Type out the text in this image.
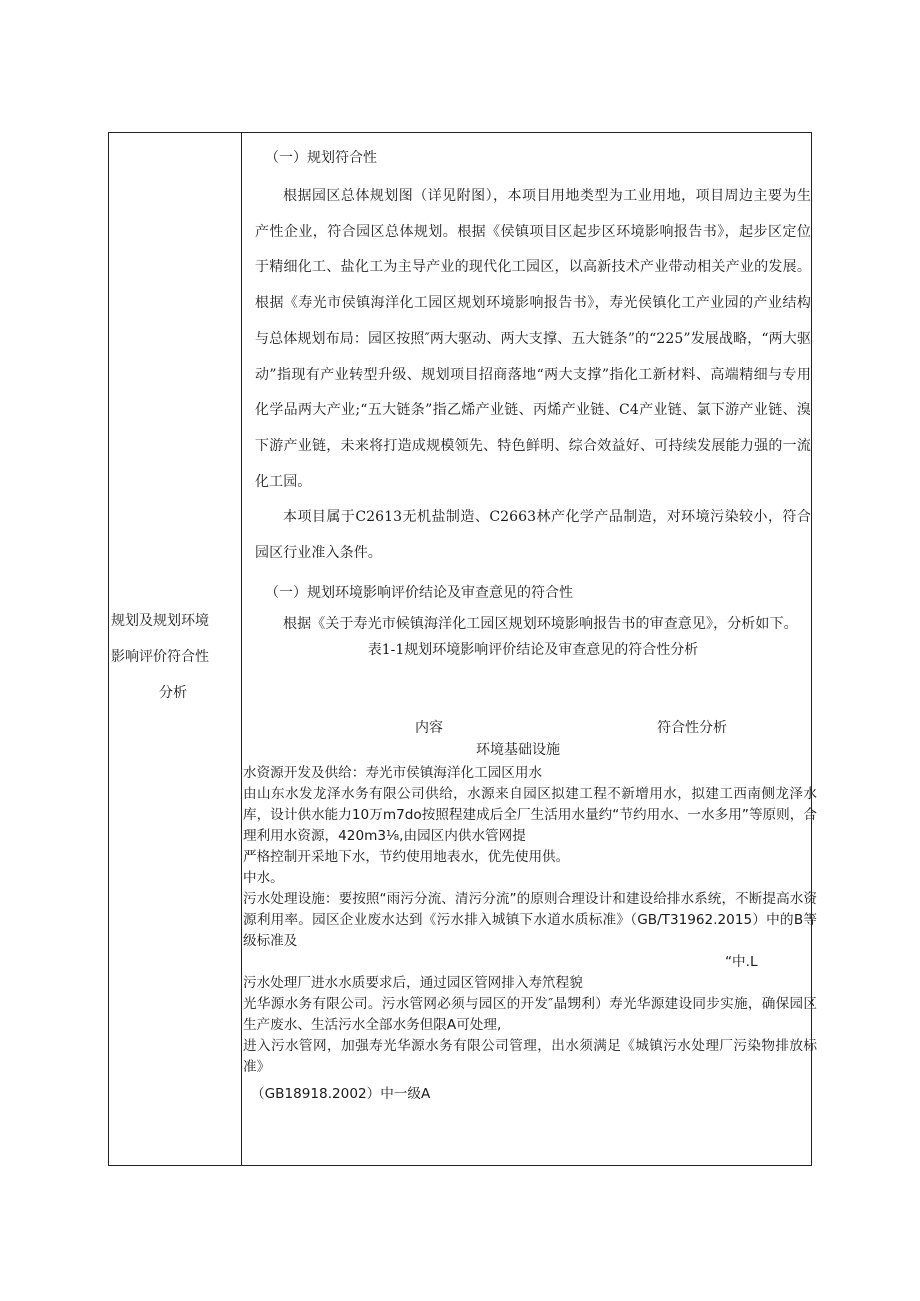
规划及规划环境
影响评价符合性
分析

（一）规划符合性

根据园区总体规划图（详见附图），本项目用地类型为工业用地，项目周边主要为生产性企业，符合园区总体规划。根据《侯镇项目区起步区环境影响报告书》，起步区定位于精细化工、盐化工为主导产业的现代化工园区，以高新技术产业带动相关产业的发展。根据《寿光市侯镇海洋化工园区规划环境影响报告书》，寿光侯镇化工产业园的产业结构与总体规划布局：园区按照″两大驱动、两大支撑、五大链条”的“225”发展战略，“两大驱动”指现有产业转型升级、规划项目招商落地“两大支撑”指化工新材料、高端精细与专用化学品两大产业;“五大链条”指乙烯产业链、丙烯产业链、C4产业链、氯下游产业链、溴下游产业链，未来将打造成规模领先、特色鲜明、综合效益好、可持续发展能力强的一流化工园。

本项目属于C2613无机盐制造、C2663林产化学产品制造，对环境污染较小，符合园区行业准入条件。

（一）规划环境影响评价结论及审查意见的符合性

根据《关于寿光市候镇海洋化工园区规划环境影响报告书的审查意见》，分析如下。

表1-1规划环境影响评价结论及审查意见的符合性分析

内容	符合性分析

环境基础设施

水资源开发及供给：寿光市侯镇海洋化工园区用水
由山东水发龙泽水务有限公司供给，水源来自园区拟建工程不新增用水，拟建工西南侧龙泽水库，设计供水能力10万m7do按照程建成后全厂生活用水量约“节约用水、一水多用”等原则，合理利用水资源，420m3⅛,由园区内供水管网提
严格控制开采地下水，节约使用地表水，优先使用供。
中水。
污水处理设施：要按照“雨污分流、清污分流”的原则合理设计和建设给排水系统，不断提高水资源利用率。园区企业废水达到《污水排入城镇下水道水质标准》（GB/T31962.2015）中的B等级标准及
“中.L
污水处理厂进水水质要求后，通过园区管网排入寿笊程貌
光华源水务有限公司。污水管网必须与园区的开发″晶甥利）寿光华源建设同步实施，确保园区生产废水、生活污水全部水务但限A可处理,
进入污水管网，加强寿光华源水务有限公司管理，出水须满足《城镇污水处理厂污染物排放标准》
（GB18918.2002）中一级A
